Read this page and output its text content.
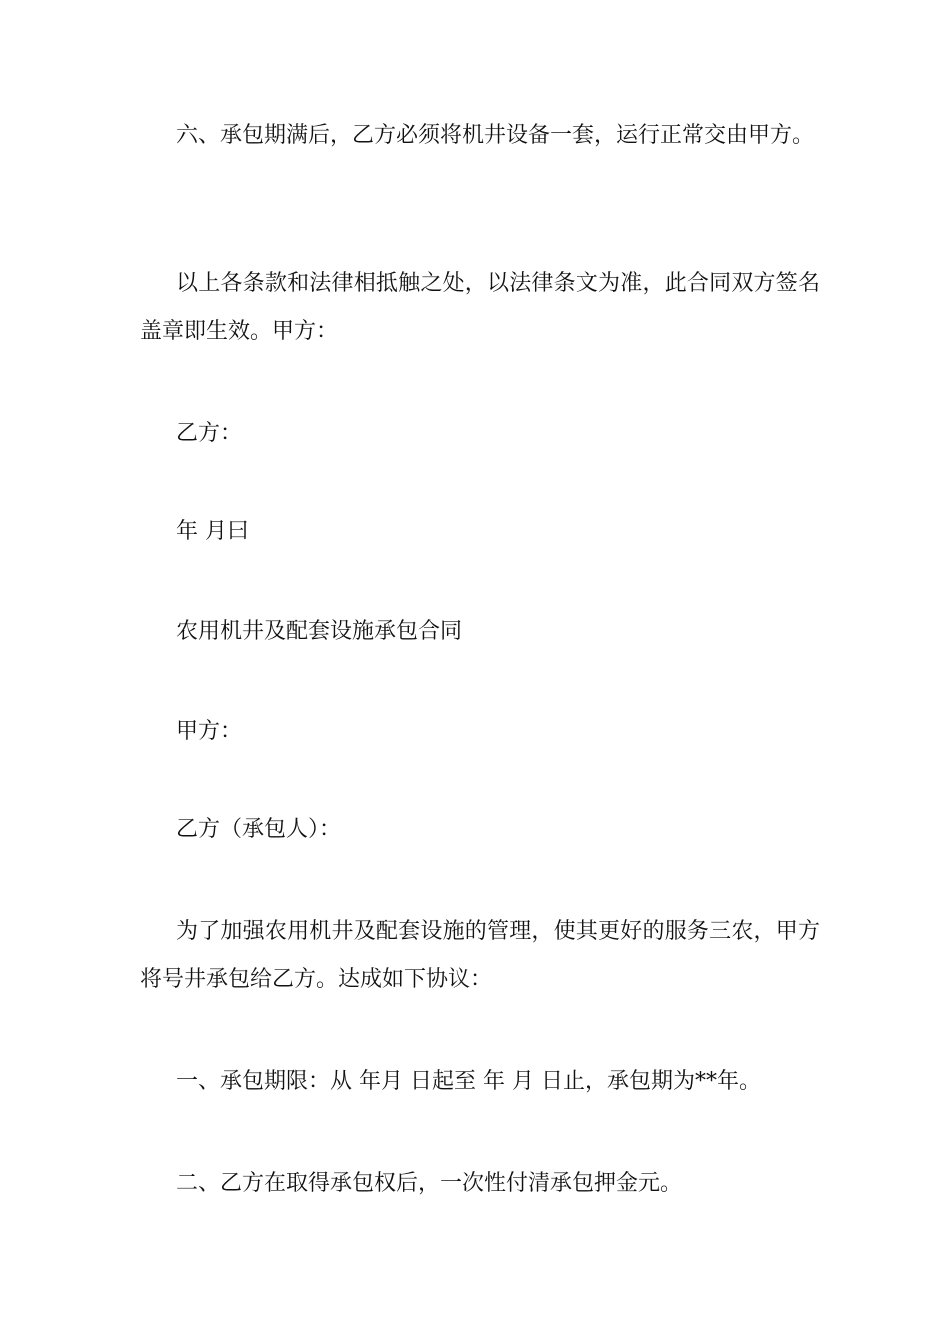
六、承包期满后，乙方必须将机井设备一套，运行正常交由甲方。

以上各条款和法律相抵触之处，以法律条文为准，此合同双方签名盖章即生效。甲方：

乙方：

年 月曰

农用机井及配套设施承包合同

甲方：

乙方（承包人）：

为了加强农用机井及配套设施的管理，使其更好的服务三农，甲方将号井承包给乙方。达成如下协议：

一、承包期限：从 年月 日起至 年 月 日止，承包期为**年。

二、乙方在取得承包权后，一次性付清承包押金元。
